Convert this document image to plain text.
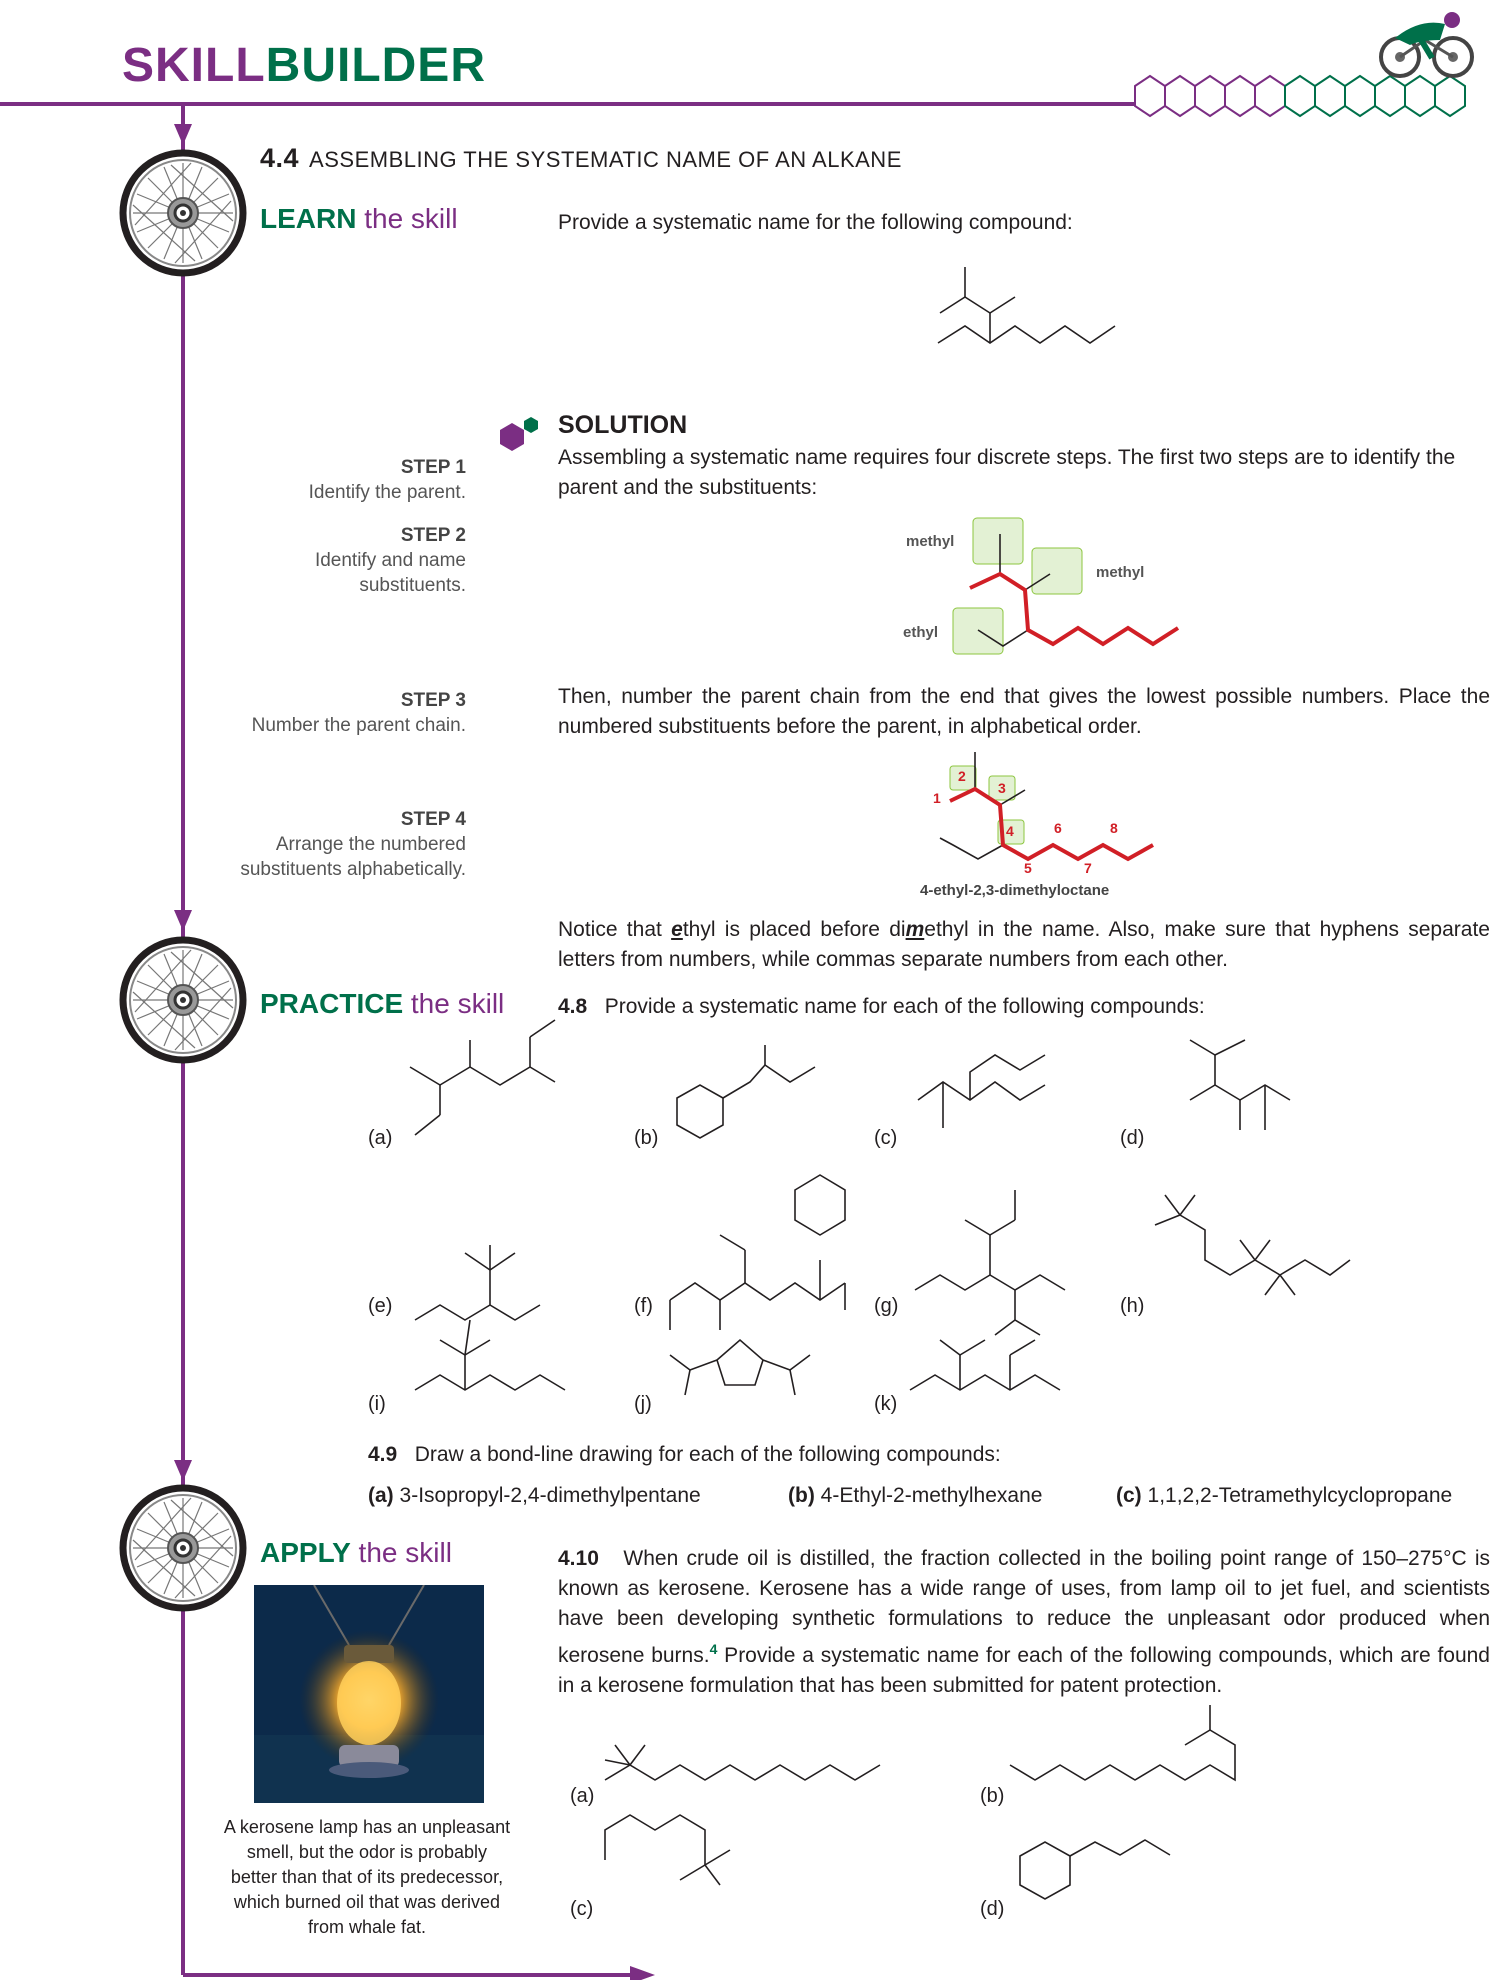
SKILLBUILDER
4.4 ASSEMBLING THE SYSTEMATIC NAME OF AN ALKANE
LEARN the skill	Provide a systematic name for the following compound:
SOLUTION
Assembling a systematic name requires four discrete steps. The first two steps are to identify the parent and the substituents:
STEP 1
Identify the parent.
STEP 2
Identify and name substituents.
STEP 3
Number the parent chain.
STEP 4
Arrange the numbered substituents alphabetically.
methyl
methyl
ethyl
Then, number the parent chain from the end that gives the lowest possible numbers. Place the numbered substituents before the parent, in alphabetical order.
1
2
3
4
5
6
7
8
4-ethyl-2,3-dimethyloctane
Notice that ethyl is placed before dimethyl in the name. Also, make sure that hyphens separate letters from numbers, while commas separate numbers from each other.
PRACTICE the skill	4.8 Provide a systematic name for each of the following compounds:
(a)	(b)	(c)	(d)
(e)	(f)	(g)	(h)
(i)	(j)	(k)
4.9 Draw a bond-line drawing for each of the following compounds:
(a) 3-Isopropyl-2,4-dimethylpentane	(b) 4-Ethyl-2-methylhexane	(c) 1,1,2,2-Tetramethylcyclopropane
APPLY the skill
A kerosene lamp has an unpleasant smell, but the odor is probably better than that of its predecessor, which burned oil that was derived from whale fat.
4.10 When crude oil is distilled, the fraction collected in the boiling point range of 150–275°C is known as kerosene. Kerosene has a wide range of uses, from lamp oil to jet fuel, and scientists have been developing synthetic formulations to reduce the unpleasant odor produced when kerosene burns.$^4$ Provide a systematic name for each of the following compounds, which are found in a kerosene formulation that has been submitted for patent protection.
(a)	(b)
(c)	(d)
